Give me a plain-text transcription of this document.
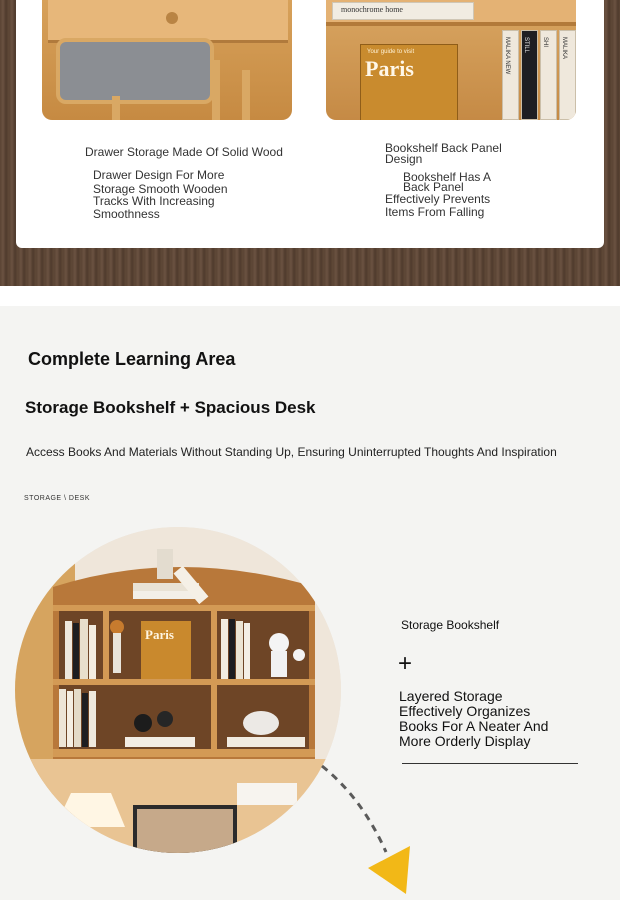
monochrome home
Your guide to visit
Paris	MALIKA NEW STILL SHI MALIKA
Drawer Storage Made Of Solid Wood
Drawer Design For More
Storage Smooth Wooden
Tracks With Increasing
Smoothness
Bookshelf Back Panel
Design
Bookshelf Has A
Back Panel
Effectively Prevents
Items From Falling
Complete Learning Area
Storage Bookshelf + Spacious Desk
Access Books And Materials Without Standing Up, Ensuring Uninterrupted Thoughts And Inspiration
STORAGE \ DESK
Paris
Storage Bookshelf
+
Layered Storage
Effectively Organizes
Books For A Neater And
More Orderly Display
